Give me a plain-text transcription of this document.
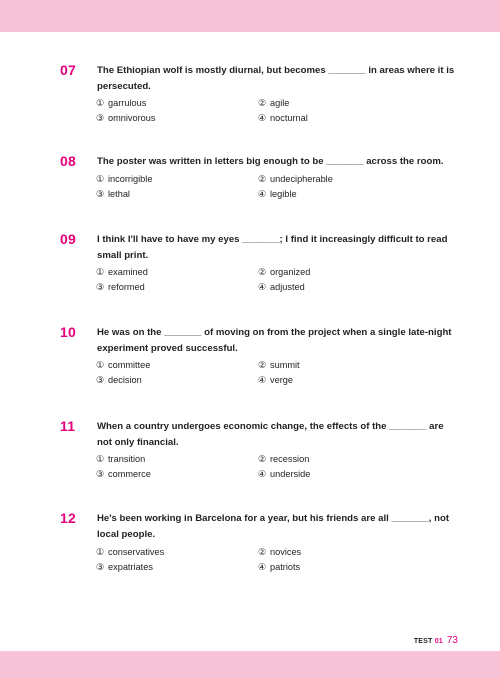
07 The Ethiopian wolf is mostly diurnal, but becomes _______ in areas where it is persecuted.
① garrulous	② agile
③ omnivorous	④ nocturnal
08 The poster was written in letters big enough to be _______ across the room.
① incorrigible	② undecipherable
③ lethal	④ legible
09 I think I'll have to have my eyes _______; I find it increasingly difficult to read small print.
① examined	② organized
③ reformed	④ adjusted
10 He was on the _______ of moving on from the project when a single late-night experiment proved successful.
① committee	② summit
③ decision	④ verge
11 When a country undergoes economic change, the effects of the _______ are not only financial.
① transition	② recession
③ commerce	④ underside
12 He's been working in Barcelona for a year, but his friends are all _______, not local people.
① conservatives	② novices
③ expatriates	④ patriots
TEST 01 73
